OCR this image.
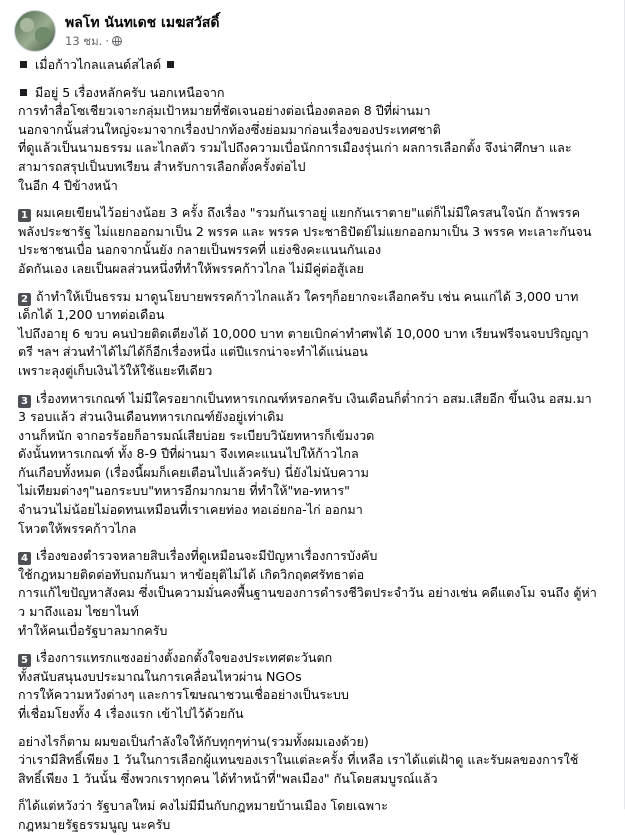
พลโท นันทเดช เมฆสวัสดิ์
13 ชม. ·
เมื่อก้าวไกลแลนด์สไลด์
มีอยู่ 5 เรื่องหลักครับ นอกเหนือจาก
การทำสื่อโซเชียวเจาะกลุ่มเป้าหมายที่ชัดเจนอย่างต่อเนื่องตลอด 8 ปีที่ผ่านมา
นอกจากนั้นส่วนใหญ่จะมาจากเรื่องปากท้องซึ่งย่อมมาก่อนเรื่องของประเทศชาติ
ที่ดูแล้วเป็นนามธรรม และไกลตัว รวมไปถึงความเบื่อนักการเมืองรุ่นเก่า ผลการเลือกตั้ง จึงน่าศึกษา และ
สามารถสรุปเป็นบทเรียน สำหรับการเลือกตั้งครั้งต่อไป
ในอีก 4 ปีข้างหน้า
1 ผมเคยเขียนไว้อย่างน้อย 3 ครั้ง ถึงเรื่อง "รวมกันเราอยู่ แยกกันเราตาย"แต่ก็ไม่มีใครสนใจนัก ถ้าพรรค
พลังประชารัฐ ไม่แยกออกมาเป็น 2 พรรค และ พรรค ประชาธิปัตย์ไม่แยกออกมาเป็น 3 พรรค ทะเลาะกันจน
ประชาชนเบื่อ นอกจากนั้นยัง กลายเป็นพรรคที่ แย่งชิงคะแนนกันเอง
อัดกันเอง เลยเป็นผลส่วนหนึ่งที่ทำให้พรรคก้าวไกล ไม่มีคู่ต่อสู้เลย
2 ถ้าทำให้เป็นธรรม มาดูนโยบายพรรคก้าวไกลแล้ว ใครๆก็อยากจะเลือกครับ เช่น คนแก่ได้ 3,000 บาท
เด็กได้ 1,200 บาทต่อเดือน
ไปถึงอายุ 6 ขวบ คนป่วยติดเตียงได้ 10,000 บาท ตายเบิกค่าทำศพได้ 10,000 บาท เรียนฟรีจนจบปริญญา
ตรี ฯลฯ ส่วนทำได้ไม่ได้ก็อีกเรื่องหนึ่ง แต่ปีแรกน่าจะทำได้แน่นอน
เพราะลุงตู่เก็บเงินไว้ให้ใช้แยะทีเดียว
3 เรื่องทหารเกณฑ์ ไม่มีใครอยากเป็นทหารเกณฑ์หรอกครับ เงินเดือนก็ต่ำกว่า อสม.เสียอีก ขึ้นเงิน อสม.มา
3 รอบแล้ว ส่วนเงินเดือนทหารเกณฑ์ยังอยู่เท่าเดิม
งานก็หนัก จากอรร้อยก็อารมณ์เสียบ่อย ระเบียบวินัยทหารก็เข้มงวด
ดังนั้นทหารเกณฑ์ ทั้ง 8-9 ปีที่ผ่านมา จึงเทคะแนนไปให้ก้าวไกล
กันเกือบทั้งหมด (เรื่องนี้ผมก็เคยเตือนไปแล้วครับ) นี่ยังไม่นับความ
ไม่เทียมต่างๆ"นอกระบบ"ทหารอีกมากมาย ที่ทำให้"ทอ-ทหาร"
จำนวนไม่น้อยไม่อดทนเหมือนที่เราเคยท่อง ทอเอ่ยกอ-ไก่ ออกมา
โหวตให้พรรคก้าวไกล
4 เรื่องของตำรวจหลายสิบเรื่องที่ดูเหมือนจะมีปัญหาเรื่องการบังคับ
ใช้กฎหมายติดต่อทับถมกันมา หาข้อยุติไม่ได้ เกิดวิกฤตศรัทธาต่อ
การแก้ไขปัญหาสังคม ซึ่งเป็นความมั่นคงพื้นฐานของการดำรงชีวิตประจำวัน อย่างเช่น คดีแตงโม จนถึง ตู้ห่า
ว มาถึงแอม ไซยาไนท์
ทำให้คนเบื่อรัฐบาลมากครับ
5 เรื่องการแทรกแซงอย่างตั้งอกตั้งใจของประเทศตะวันตก
ทั้งสนับสนุนงบประมาณในการเคลื่อนไหวผ่าน NGOs
การให้ความหวังต่างๆ และการโฆษณาชวนเชื่ออย่างเป็นระบบ
ที่เชื่อมโยงทั้ง 4 เรื่องแรก เข้าไปไว้ด้วยกัน
อย่างไรก็ตาม ผมขอเป็นกำลังใจให้กับทุกๆท่าน(รวมทั้งผมเองด้วย)
ว่าเรามีสิทธิ์เพียง 1 วันในการเลือกผู้แทนของเราในแต่ละครั้ง ที่เหลือ เราได้แต่เฝ้าดู และรับผลของการใช้
สิทธิ์เพียง 1 วันนั้น ซึ่งพวกเราทุกคน ได้ทำหน้าที่"พลเมือง" กันโดยสมบูรณ์แล้ว
ก็ได้แต่หวังว่า รัฐบาลใหม่ คงไม่มีมีนกับกฎหมายบ้านเมือง โดยเฉพาะ
กฎหมายรัฐธรรมนูญ นะครับ
